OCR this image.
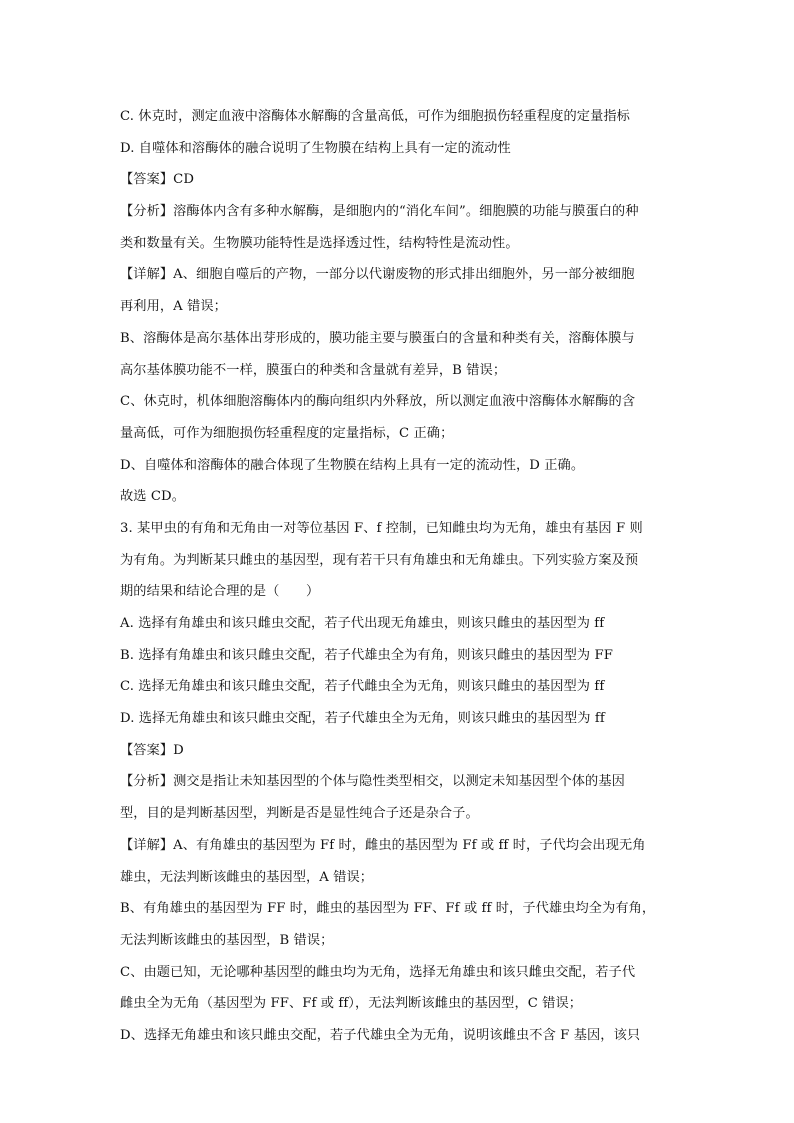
C. 休克时，测定血液中溶酶体水解酶的含量高低，可作为细胞损伤轻重程度的定量指标
D. 自噬体和溶酶体的融合说明了生物膜在结构上具有一定的流动性
【答案】CD
【分析】溶酶体内含有多种水解酶，是细胞内的“消化车间”。细胞膜的功能与膜蛋白的种
类和数量有关。生物膜功能特性是选择透过性，结构特性是流动性。
【详解】A、细胞自噬后的产物，一部分以代谢废物的形式排出细胞外，另一部分被细胞
再利用，A 错误；
B、溶酶体是高尔基体出芽形成的，膜功能主要与膜蛋白的含量和种类有关，溶酶体膜与
高尔基体膜功能不一样，膜蛋白的种类和含量就有差异，B 错误；
C、休克时，机体细胞溶酶体内的酶向组织内外释放，所以测定血液中溶酶体水解酶的含
量高低，可作为细胞损伤轻重程度的定量指标，C 正确；
D、自噬体和溶酶体的融合体现了生物膜在结构上具有一定的流动性，D 正确。
故选 CD。
3. 某甲虫的有角和无角由一对等位基因 F、f 控制，已知雌虫均为无角，雄虫有基因 F 则
为有角。为判断某只雌虫的基因型，现有若干只有角雄虫和无角雄虫。下列实验方案及预
期的结果和结论合理的是（　　）
A. 选择有角雄虫和该只雌虫交配，若子代出现无角雄虫，则该只雌虫的基因型为 ff
B. 选择有角雄虫和该只雌虫交配，若子代雄虫全为有角，则该只雌虫的基因型为 FF
C. 选择无角雄虫和该只雌虫交配，若子代雌虫全为无角，则该只雌虫的基因型为 ff
D. 选择无角雄虫和该只雌虫交配，若子代雄虫全为无角，则该只雌虫的基因型为 ff
【答案】D
【分析】测交是指让未知基因型的个体与隐性类型相交，以测定未知基因型个体的基因
型，目的是判断基因型，判断是否是显性纯合子还是杂合子。
【详解】A、有角雄虫的基因型为 Ff 时，雌虫的基因型为 Ff 或 ff 时，子代均会出现无角
雄虫，无法判断该雌虫的基因型，A 错误；
B、有角雄虫的基因型为 FF 时，雌虫的基因型为 FF、Ff 或 ff 时，子代雄虫均全为有角，
无法判断该雌虫的基因型，B 错误；
C、由题已知，无论哪种基因型的雌虫均为无角，选择无角雄虫和该只雌虫交配，若子代
雌虫全为无角（基因型为 FF、Ff 或 ff），无法判断该雌虫的基因型，C 错误；
D、选择无角雄虫和该只雌虫交配，若子代雄虫全为无角，说明该雌虫不含 F 基因，该只
